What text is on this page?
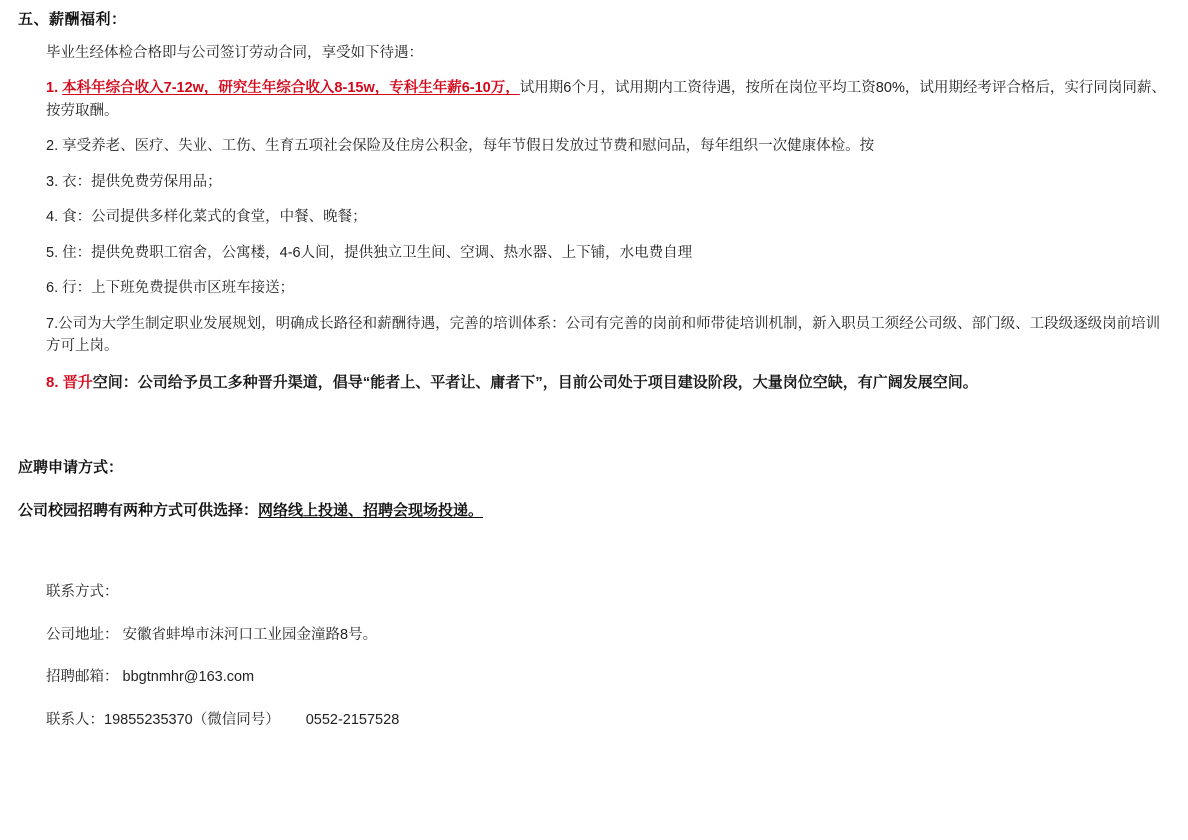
五、薪酬福利：

毕业生经体检合格即与公司签订劳动合同，享受如下待遇：

1. 本科年综合收入7-12w，研究生年综合收入8-15w，专科生年薪6-10万，试用期6个月，试用期内工资待遇，按所在岗位平均工资80%，试用期经考评合格后，实行同岗同薪、按劳取酬。

2. 享受养老、医疗、失业、工伤、生育五项社会保险及住房公积金，每年节假日发放过节费和慰问品，每年组织一次健康体检。按

3. 衣：提供免费劳保用品；

4. 食：公司提供多样化菜式的食堂，中餐、晚餐；

5. 住：提供免费职工宿舍，公寓楼，4-6人间，提供独立卫生间、空调、热水器、上下铺，水电费自理

6. 行：上下班免费提供市区班车接送；

7.公司为大学生制定职业发展规划，明确成长路径和薪酬待遇，完善的培训体系：公司有完善的岗前和师带徒培训机制，新入职员工须经公司级、部门级、工段级逐级岗前培训方可上岗。

8. 晋升空间：公司给予员工多种晋升渠道，倡导“能者上、平者让、庸者下”，目前公司处于项目建设阶段，大量岗位空缺，有广阔发展空间。

应聘申请方式：
公司校园招聘有两种方式可供选择：网络线上投递、招聘会现场投递。
联系方式：
公司地址： 安徽省蚌埠市沫河口工业园金潼路8号。
招聘邮箱： bbgtnmhr@163.com
联系人：19855235370（微信同号） 0552-2157528
